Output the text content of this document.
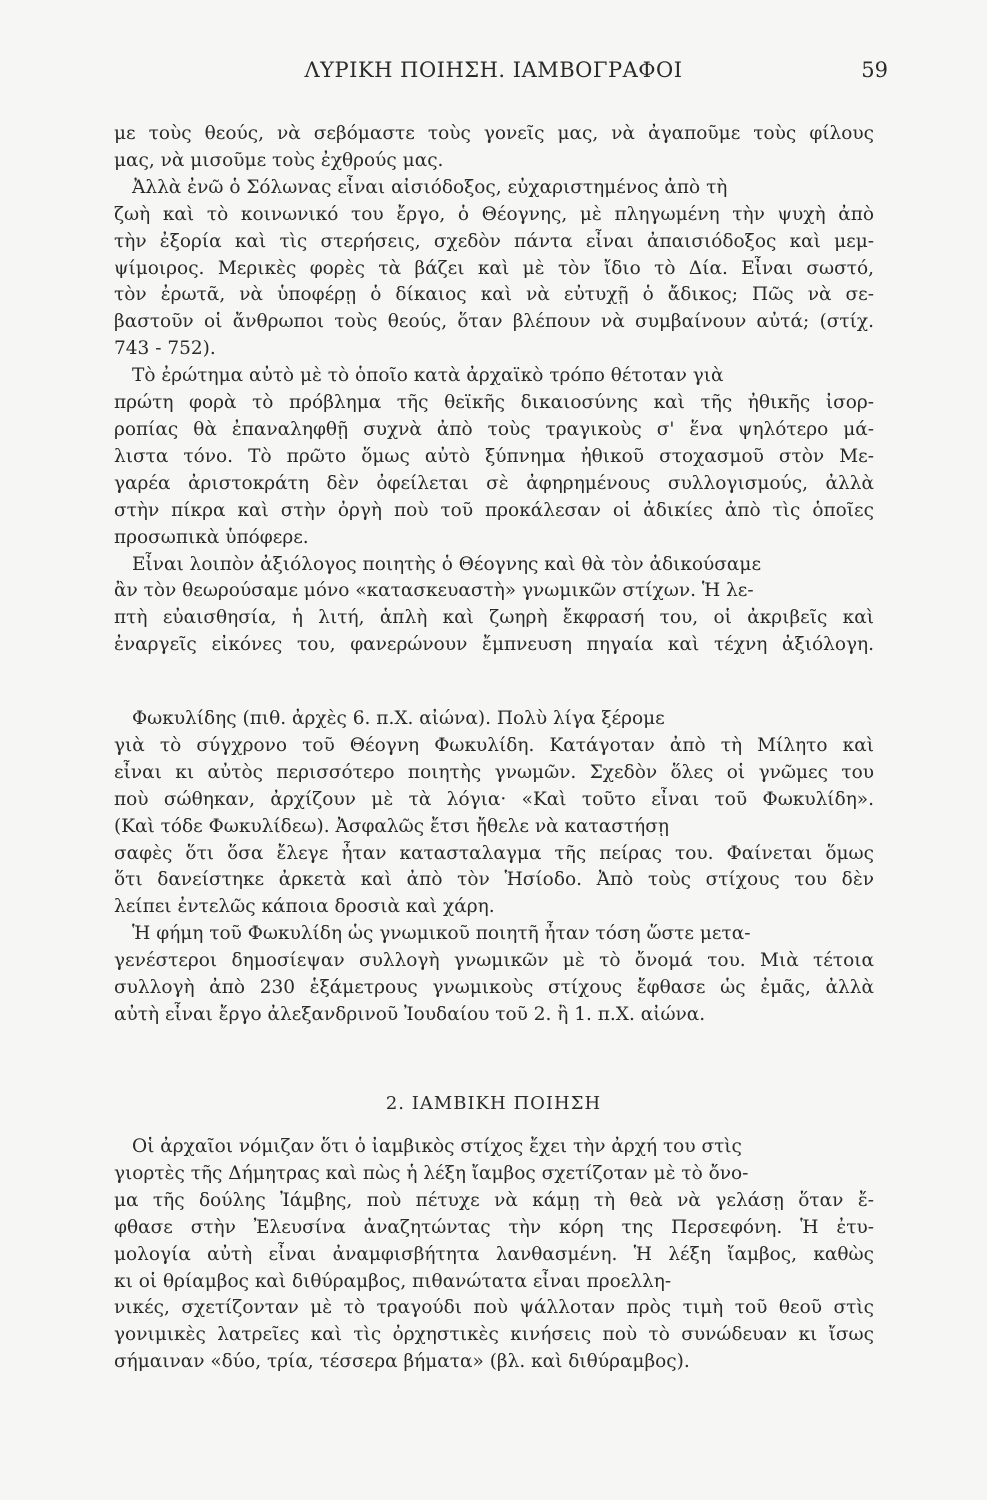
ΛΥΡΙΚΗ ΠΟΙΗΣΗ. ΙΑΜΒΟΓΡΑΦΟΙ	59
με τοὺς θεούς, νὰ σεβόμαστε τοὺς γονεῖς μας, νὰ ἀγαποῦμε τοὺς φίλους
μας, νὰ μισοῦμε τοὺς ἐχθρούς μας.
Ἀλλὰ ἐνῶ ὁ Σόλωνας εἶναι αἰσιόδοξος, εὐχαριστημένος ἀπὸ τὴ
ζωὴ καὶ τὸ κοινωνικό του ἔργο, ὁ Θέογνης, μὲ πληγωμένη τὴν ψυχὴ ἀπὸ
τὴν ἐξορία καὶ τὶς στερήσεις, σχεδὸν πάντα εἶναι ἀπαισιόδοξος καὶ μεμ-
ψίμοιρος. Μερικὲς φορὲς τὰ βάζει καὶ μὲ τὸν ἴδιο τὸ Δία. Εἶναι σωστό,
τὸν ἐρωτᾶ, νὰ ὑποφέρῃ ὁ δίκαιος καὶ νὰ εὐτυχῇ ὁ ἄδικος; Πῶς νὰ σε-
βαστοῦν οἱ ἄνθρωποι τοὺς θεούς, ὅταν βλέπουν νὰ συμβαίνουν αὐτά; (στίχ.
743 - 752).
Τὸ ἐρώτημα αὐτὸ μὲ τὸ ὁποῖο κατὰ ἀρχαϊκὸ τρόπο θέτοταν γιὰ
πρώτη φορὰ τὸ πρόβλημα τῆς θεϊκῆς δικαιοσύνης καὶ τῆς ἠθικῆς ἰσορ-
ροπίας θὰ ἐπαναληφθῇ συχνὰ ἀπὸ τοὺς τραγικοὺς σ' ἕνα ψηλότερο μά-
λιστα τόνο. Τὸ πρῶτο ὅμως αὐτὸ ξύπνημα ἠθικοῦ στοχασμοῦ στὸν Με-
γαρέα ἀριστοκράτη δὲν ὀφείλεται σὲ ἀφηρημένους συλλογισμούς, ἀλλὰ
στὴν πίκρα καὶ στὴν ὀργὴ ποὺ τοῦ προκάλεσαν οἱ ἀδικίες ἀπὸ τὶς ὁποῖες
προσωπικὰ ὑπόφερε.
Εἶναι λοιπὸν ἀξιόλογος ποιητὴς ὁ Θέογνης καὶ θὰ τὸν ἀδικούσαμε
ἂν τὸν θεωρούσαμε μόνο «κατασκευαστὴ» γνωμικῶν στίχων. Ἡ λε-
πτὴ εὐαισθησία, ἡ λιτή, ἁπλὴ καὶ ζωηρὴ ἔκφρασή του, οἱ ἀκριβεῖς καὶ
ἐναργεῖς εἰκόνες του, φανερώνουν ἔμπνευση πηγαία καὶ τέχνη ἀξιόλογη.
Φωκυλίδης (πιθ. ἀρχὲς 6. π.Χ. αἰώνα). Πολὺ λίγα ξέρομε
γιὰ τὸ σύγχρονο τοῦ Θέογνη Φωκυλίδη. Κατάγοταν ἀπὸ τὴ Μίλητο καὶ
εἶναι κι αὐτὸς περισσότερο ποιητὴς γνωμῶν. Σχεδὸν ὅλες οἱ γνῶμες του
ποὺ σώθηκαν, ἀρχίζουν μὲ τὰ λόγια· «Καὶ τοῦτο εἶναι τοῦ Φωκυλίδη».
(Καὶ τόδε Φωκυλίδεω). Ἀσφαλῶς ἔτσι ἤθελε νὰ καταστήσῃ
σαφὲς ὅτι ὅσα ἔλεγε ἦταν κατασταλαγμα τῆς πείρας του. Φαίνεται ὅμως
ὅτι δανείστηκε ἀρκετὰ καὶ ἀπὸ τὸν Ἡσίοδο. Ἀπὸ τοὺς στίχους του δὲν
λείπει ἐντελῶς κάποια δροσιὰ καὶ χάρη.
Ἡ φήμη τοῦ Φωκυλίδη ὡς γνωμικοῦ ποιητῆ ἦταν τόση ὥστε μετα-
γενέστεροι δημοσίεψαν συλλογὴ γνωμικῶν μὲ τὸ ὄνομά του. Μιὰ τέτοια
συλλογὴ ἀπὸ 230 ἑξάμετρους γνωμικοὺς στίχους ἔφθασε ὡς ἐμᾶς, ἀλλὰ
αὐτὴ εἶναι ἔργο ἀλεξανδρινοῦ Ἰουδαίου τοῦ 2. ἢ 1. π.Χ. αἰώνα.
2. ΙΑΜΒΙΚΗ ΠΟΙΗΣΗ
Οἱ ἀρχαῖοι νόμιζαν ὅτι ὁ ἰαμβικὸς στίχος ἔχει τὴν ἀρχή του στὶς
γιορτὲς τῆς Δήμητρας καὶ πὼς ἡ λέξη ἴαμβος σχετίζοταν μὲ τὸ ὄνο-
μα τῆς δούλης Ἰάμβης, ποὺ πέτυχε νὰ κάμῃ τὴ θεὰ νὰ γελάσῃ ὅταν ἔ-
φθασε στὴν Ἐλευσίνα ἀναζητώντας τὴν κόρη της Περσεφόνη. Ἡ ἐτυ-
μολογία αὐτὴ εἶναι ἀναμφισβήτητα λανθασμένη. Ἡ λέξη ἴαμβος, καθὼς
κι οἱ θρίαμβος καὶ διθύραμβος, πιθανώτατα εἶναι προελλη-
νικές, σχετίζονταν μὲ τὸ τραγούδι ποὺ ψάλλοταν πρὸς τιμὴ τοῦ θεοῦ στὶς
γονιμικὲς λατρεῖες καὶ τὶς ὀρχηστικὲς κινήσεις ποὺ τὸ συνώδευαν κι ἴσως
σήμαιναν «δύο, τρία, τέσσερα βήματα» (βλ. καὶ διθύραμβος).
